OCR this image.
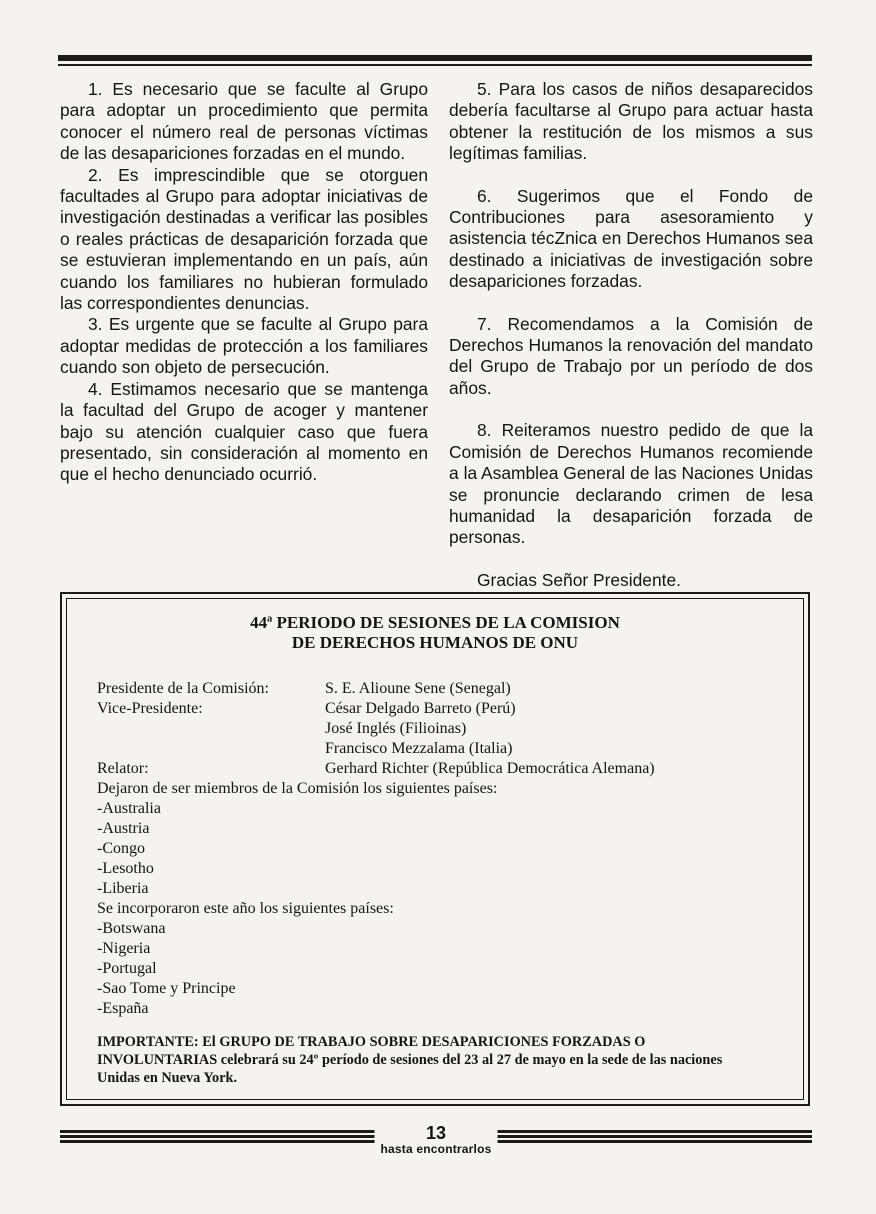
1. Es necesario que se faculte al Grupo para adoptar un procedimiento que permita conocer el número real de personas víctimas de las desapariciones forzadas en el mundo.

2. Es imprescindible que se otorguen facultades al Grupo para adoptar iniciativas de investigación destinadas a verificar las posibles o reales prácticas de desaparición forzada que se estuvieran implementando en un país, aún cuando los familiares no hubieran formulado las correspondientes denuncias.

3. Es urgente que se faculte al Grupo para adoptar medidas de protección a los familiares cuando son objeto de persecución.

4. Estimamos necesario que se mantenga la facultad del Grupo de acoger y mantener bajo su atención cualquier caso que fuera presentado, sin consideración al momento en que el hecho denunciado ocurrió.

5. Para los casos de niños desaparecidos debería facultarse al Grupo para actuar hasta obtener la restitución de los mismos a sus legítimas familias.

6. Sugerimos que el Fondo de Contribuciones para asesoramiento y asistencia técZnica en Derechos Humanos sea destinado a iniciativas de investigación sobre desapariciones forzadas.

7. Recomendamos a la Comisión de Derechos Humanos la renovación del mandato del Grupo de Trabajo por un período de dos años.

8. Reiteramos nuestro pedido de que la Comisión de Derechos Humanos recomiende a la Asamblea General de las Naciones Unidas se pronuncie declarando crimen de lesa humanidad la desaparición forzada de personas.

Gracias Señor Presidente.

44ª PERIODO DE SESIONES DE LA COMISION
DE DERECHOS HUMANOS DE ONU
Presidente de la Comisión:	S. E. Alioune Sene (Senegal)
Vice-Presidente:	César Delgado Barreto (Perú)
José Inglés (Filioinas)
Francisco Mezzalama (Italia)
Relator:	Gerhard Richter (República Democrática Alemana)
Dejaron de ser miembros de la Comisión los siguientes países:
-Australia
-Austria
-Congo
-Lesotho
-Liberia
Se incorporaron este año los siguientes países:
-Botswana
-Nigeria
-Portugal
-Sao Tome y Principe
-España
IMPORTANTE: El GRUPO DE TRABAJO SOBRE DESAPARICIONES FORZADAS O INVOLUNTARIAS celebrará su 24º período de sesiones del 23 al 27 de mayo en la sede de las naciones Unidas en Nueva York.
13
hasta encontrarlos
